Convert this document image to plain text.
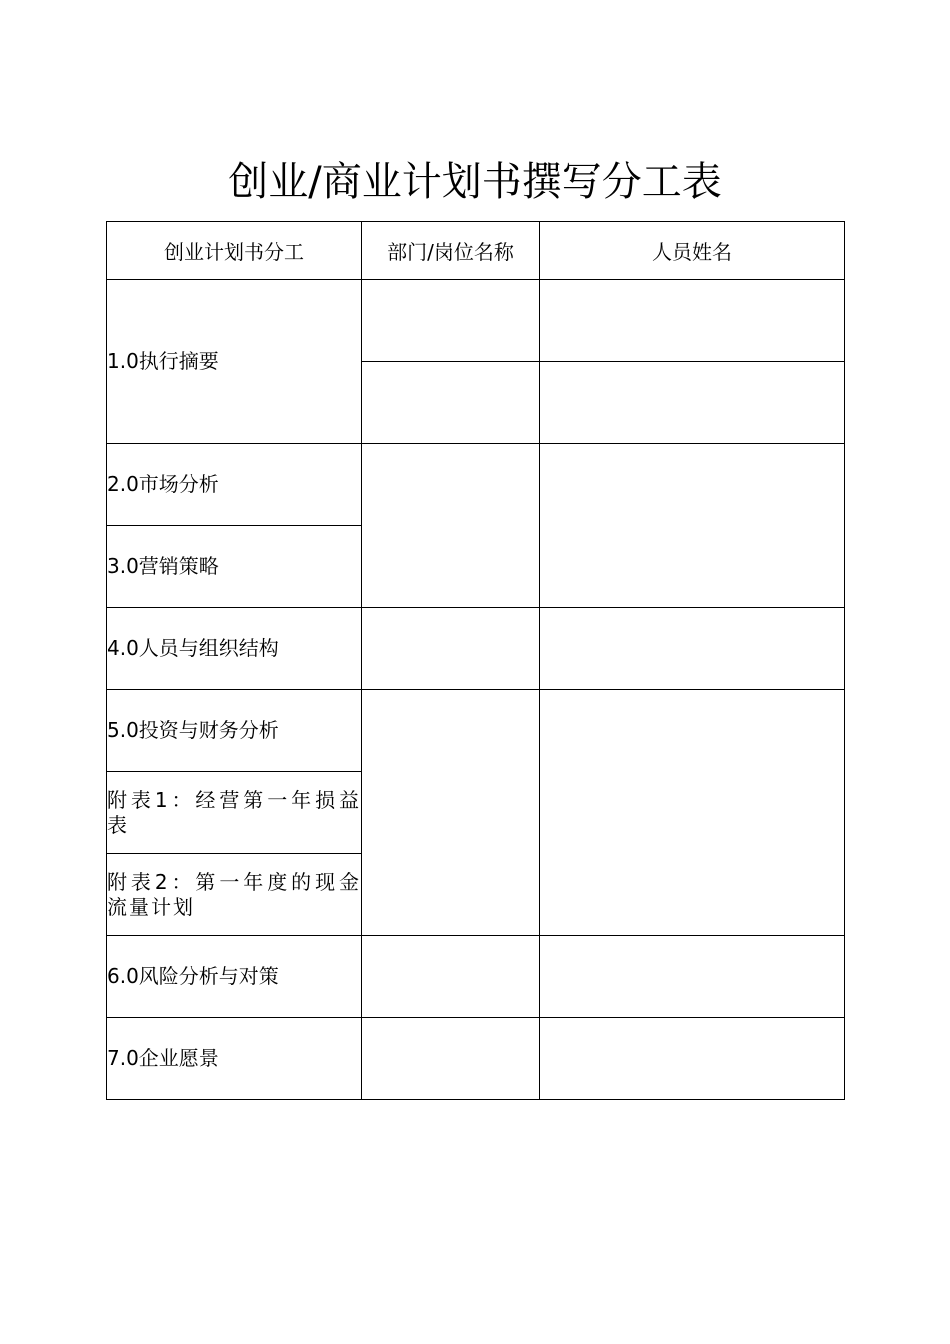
创业/商业计划书撰写分工表
创业计划书分工	部门/岗位名称	人员姓名
1.0执行摘要		

2.0市场分析		
3.0营销策略		
4.0人员与组织结构		
5.0投资与财务分析		
附表1：经营第一年损益表		
附表2：第一年度的现金流量计划		
6.0风险分析与对策		
7.0企业愿景		
